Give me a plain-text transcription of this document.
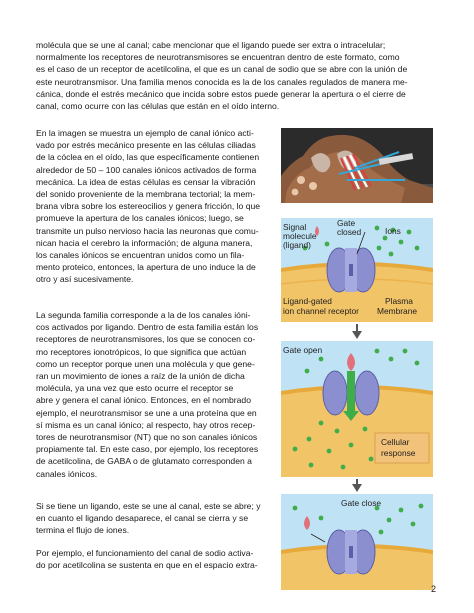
molécula que se une al canal; cabe mencionar que el ligando puede ser extra o intracelular;
normalmente los receptores de neurotransmisores se encuentran dentro de este formato, como
es el caso de un receptor de acetilcolina, el que es un canal de sodio que se abre con la unión de
este neurotransmisor. Una familia menos conocida es la de los canales regulados de manera me-
cánica, donde el estrés mecánico que incida sobre estos puede generar la apertura o el cierre de
canal, como ocurre con las células que están en el oído interno.
En la imagen se muestra un ejemplo de canal iónico acti-
vado por estrés mecánico presente en las células ciliadas
de la cóclea en el oído, las que específicamente contienen
alrededor de 50 – 100 canales iónicos activados de forma
mecánica. La idea de estas células es censar la vibración
del sonido proveniente de la membrana tectorial; la mem-
brana vibra sobre los estereocilios y genera fricción, lo que
promueve la apertura de los canales iónicos; luego, se
transmite un pulso nervioso hacia las neuronas que comu-
nican hacia el cerebro la información; de alguna manera,
los canales iónicos se encuentran unidos como un fila-
mento proteico, entonces, la apertura de uno induce la de
otro y así sucesivamente.
La segunda familia corresponde a la de los canales ióni-
cos activados por ligando. Dentro de esta familia están los
receptores de neurotransmisores, los que se conocen co-
mo receptores ionotrópicos, lo que significa que actúan
como un receptor porque unen una molécula y que gene-
ran un movimiento de iones a raíz de la unión de dicha
molécula, ya una vez que esto ocurre el receptor se
abre y genera el canal iónico. Entonces, en el nombrado
ejemplo, el neurotransmisor se une a una proteína que en
sí misma es un canal iónico; al respecto, hay otros recep-
tores de neurotransmisor (NT) que no son canales iónicos
propiamente tal. En este caso, por ejemplo, los receptores
de acetilcolina, de GABA o de glutamato corresponden a
canales iónicos.
Si se tiene un ligando, este se une al canal, este se abre; y
en cuanto el ligando desaparece, el canal se cierra y se
termina el flujo de iones.
Por ejemplo, el funcionamiento del canal de sodio activa-
do por acetilcolina se sustenta en que en el espacio extra-
Signal
molecule
(ligand)
Gate
closed	Ions
Ligand-gated
ion channel receptor
Plasma
Membrane
Gate open
Cellular
response
Gate close
2
